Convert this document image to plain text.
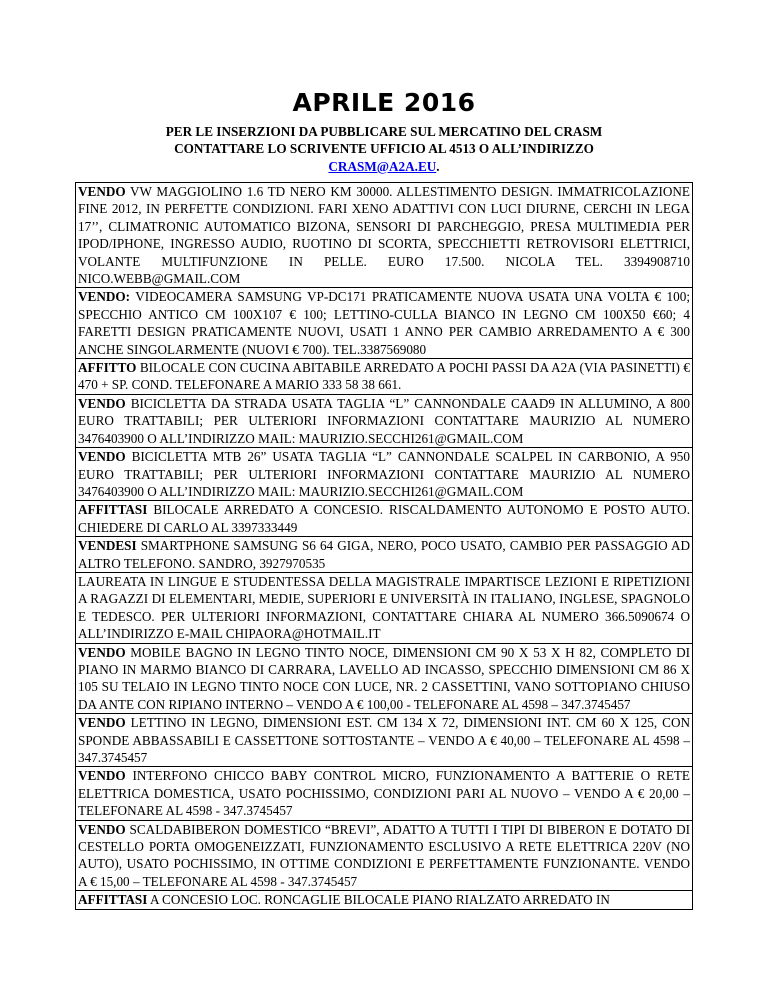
APRILE 2016
PER LE INSERZIONI DA PUBBLICARE SUL MERCATINO DEL CRASM
CONTATTARE LO SCRIVENTE UFFICIO AL 4513 O ALL’INDIRIZZO
CRASM@A2A.EU.
VENDO VW MAGGIOLINO 1.6 TD NERO KM 30000. ALLESTIMENTO DESIGN. IMMATRICOLAZIONE FINE 2012, IN PERFETTE CONDIZIONI. FARI XENO ADATTIVI CON LUCI DIURNE, CERCHI IN LEGA 17’’, CLIMATRONIC AUTOMATICO BIZONA, SENSORI DI PARCHEGGIO, PRESA MULTIMEDIA PER IPOD/IPHONE, INGRESSO AUDIO, RUOTINO DI SCORTA, SPECCHIETTI RETROVISORI ELETTRICI, VOLANTE MULTIFUNZIONE IN PELLE. EURO 17.500. NICOLA TEL. 3394908710 NICO.WEBB@GMAIL.COM
VENDO: VIDEOCAMERA SAMSUNG VP-DC171 PRATICAMENTE NUOVA USATA UNA VOLTA € 100; SPECCHIO ANTICO CM 100X107 € 100; LETTINO-CULLA BIANCO IN LEGNO CM 100X50 €60; 4 FARETTI DESIGN PRATICAMENTE NUOVI, USATI 1 ANNO PER CAMBIO ARREDAMENTO A € 300 ANCHE SINGOLARMENTE (NUOVI € 700). TEL.3387569080
AFFITTO BILOCALE CON CUCINA ABITABILE ARREDATO A POCHI PASSI DA A2A (VIA PASINETTI) € 470 + SP. COND. TELEFONARE A MARIO 333 58 38 661.
VENDO BICICLETTA DA STRADA USATA TAGLIA “L” CANNONDALE CAAD9 IN ALLUMINO, A 800 EURO TRATTABILI; PER ULTERIORI INFORMAZIONI CONTATTARE MAURIZIO AL NUMERO 3476403900 O ALL’INDIRIZZO MAIL: MAURIZIO.SECCHI261@GMAIL.COM
VENDO BICICLETTA MTB 26” USATA TAGLIA “L” CANNONDALE SCALPEL IN CARBONIO, A 950 EURO TRATTABILI; PER ULTERIORI INFORMAZIONI CONTATTARE MAURIZIO AL NUMERO 3476403900 O ALL’INDIRIZZO MAIL: MAURIZIO.SECCHI261@GMAIL.COM
AFFITTASI BILOCALE ARREDATO A CONCESIO. RISCALDAMENTO AUTONOMO E POSTO AUTO. CHIEDERE DI CARLO AL 3397333449
VENDESI SMARTPHONE SAMSUNG S6 64 GIGA, NERO, POCO USATO, CAMBIO PER PASSAGGIO AD ALTRO TELEFONO. SANDRO, 3927970535
LAUREATA IN LINGUE E STUDENTESSA DELLA MAGISTRALE IMPARTISCE LEZIONI E RIPETIZIONI A RAGAZZI DI ELEMENTARI, MEDIE, SUPERIORI E UNIVERSITÀ IN ITALIANO, INGLESE, SPAGNOLO E TEDESCO. PER ULTERIORI INFORMAZIONI, CONTATTARE CHIARA AL NUMERO 366.5090674 O ALL’INDIRIZZO E-MAIL CHIPAORA@HOTMAIL.IT
VENDO MOBILE BAGNO IN LEGNO TINTO NOCE, DIMENSIONI CM 90 X 53 X H 82, COMPLETO DI PIANO IN MARMO BIANCO DI CARRARA, LAVELLO AD INCASSO, SPECCHIO DIMENSIONI CM 86 X 105 SU TELAIO IN LEGNO TINTO NOCE CON LUCE, NR. 2 CASSETTINI, VANO SOTTOPIANO CHIUSO DA ANTE CON RIPIANO INTERNO – VENDO A € 100,00 - TELEFONARE AL 4598 – 347.3745457
VENDO LETTINO IN LEGNO, DIMENSIONI EST. CM 134 X 72, DIMENSIONI INT. CM 60 X 125, CON SPONDE ABBASSABILI E CASSETTONE SOTTOSTANTE – VENDO A € 40,00 – TELEFONARE AL 4598 – 347.3745457
VENDO INTERFONO CHICCO BABY CONTROL MICRO, FUNZIONAMENTO A BATTERIE O RETE ELETTRICA DOMESTICA, USATO POCHISSIMO, CONDIZIONI PARI AL NUOVO – VENDO A € 20,00 – TELEFONARE AL 4598 - 347.3745457
VENDO SCALDABIBERON DOMESTICO “BREVI”, ADATTO A TUTTI I TIPI DI BIBERON E DOTATO DI CESTELLO PORTA OMOGENEIZZATI, FUNZIONAMENTO ESCLUSIVO A RETE ELETTRICA 220V (NO AUTO), USATO POCHISSIMO, IN OTTIME CONDIZIONI E PERFETTAMENTE FUNZIONANTE. VENDO A € 15,00 – TELEFONARE AL 4598 - 347.3745457
AFFITTASI A CONCESIO LOC. RONCAGLIE BILOCALE PIANO RIALZATO ARREDATO IN
